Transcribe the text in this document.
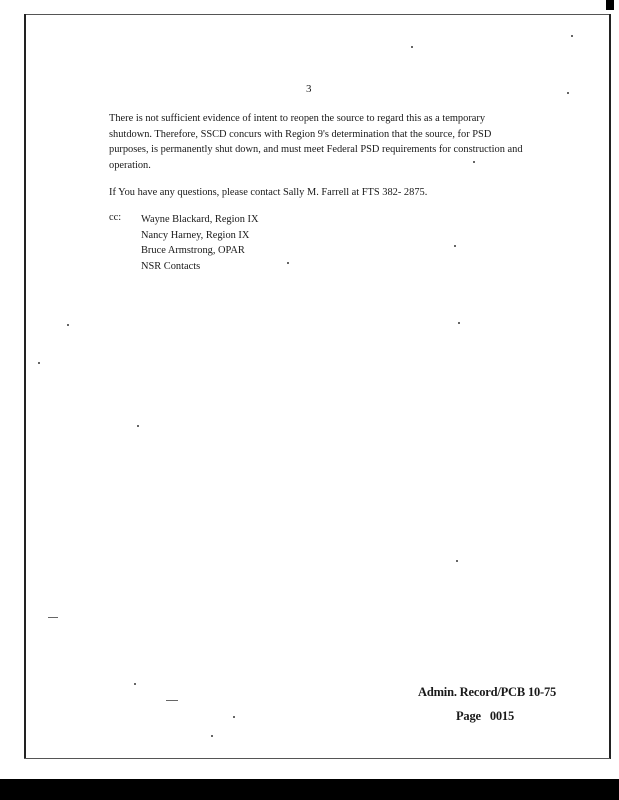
3

There is not sufficient evidence of intent to reopen the source to regard this as a temporary shutdown. Therefore, SSCD concurs with Region 9's determination that the source, for PSD purposes, is permanently shut down, and must meet Federal PSD requirements for construction and operation.

If You have any questions, please contact Sally M. Farrell at FTS 382- 2875.

cc: Wayne Blackard, Region IX
Nancy Harney, Region IX
Bruce Armstrong, OPAR
NSR Contacts
Admin. Record/PCB 10-75
Page 0015
